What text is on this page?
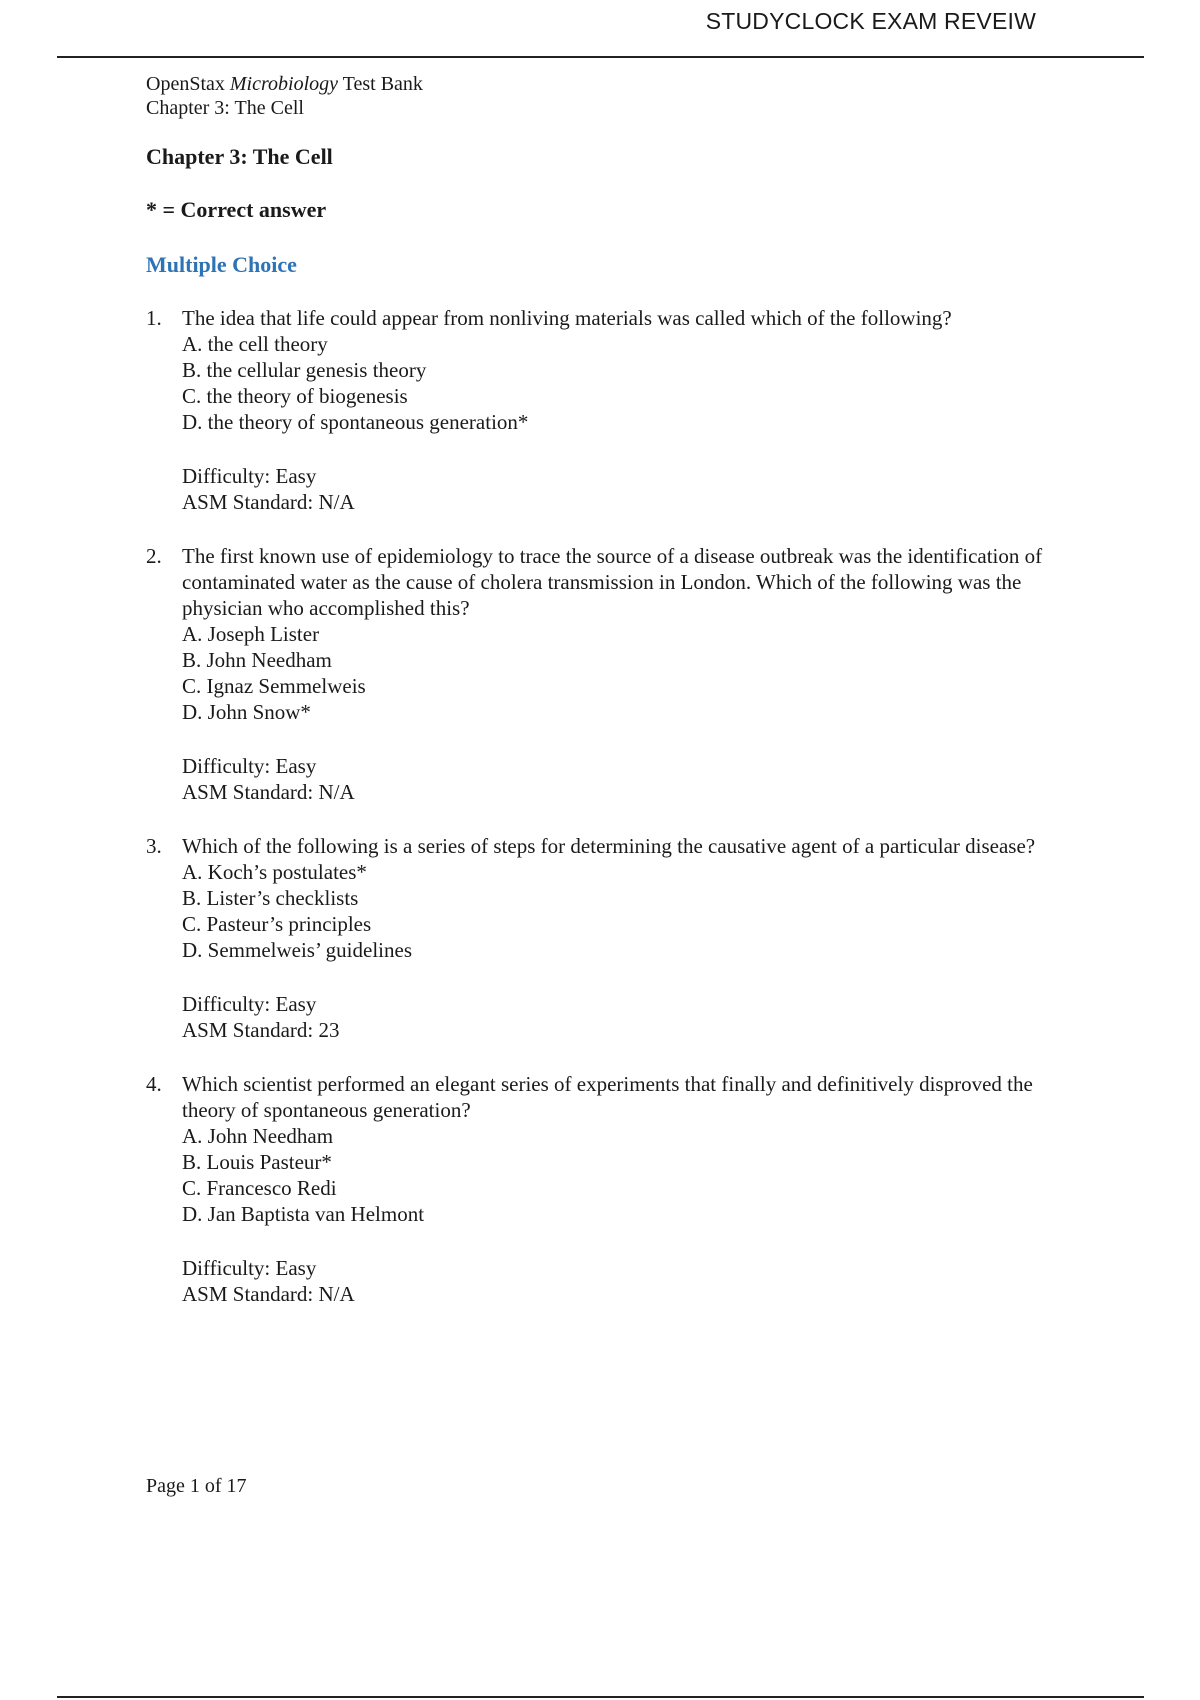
STUDYCLOCK EXAM REVEIW
OpenStax Microbiology Test Bank
Chapter 3: The Cell
Chapter 3: The Cell
* = Correct answer
Multiple Choice
1. The idea that life could appear from nonliving materials was called which of the following?
A. the cell theory
B. the cellular genesis theory
C. the theory of biogenesis
D. the theory of spontaneous generation*
Difficulty: Easy
ASM Standard: N/A
2. The first known use of epidemiology to trace the source of a disease outbreak was the identification of contaminated water as the cause of cholera transmission in London. Which of the following was the physician who accomplished this?
A. Joseph Lister
B. John Needham
C. Ignaz Semmelweis
D. John Snow*
Difficulty: Easy
ASM Standard: N/A
3. Which of the following is a series of steps for determining the causative agent of a particular disease?
A. Koch’s postulates*
B. Lister’s checklists
C. Pasteur’s principles
D. Semmelweis’ guidelines
Difficulty: Easy
ASM Standard: 23
4. Which scientist performed an elegant series of experiments that finally and definitively disproved the theory of spontaneous generation?
A. John Needham
B. Louis Pasteur*
C. Francesco Redi
D. Jan Baptista van Helmont
Difficulty: Easy
ASM Standard: N/A
Page 1 of 17
